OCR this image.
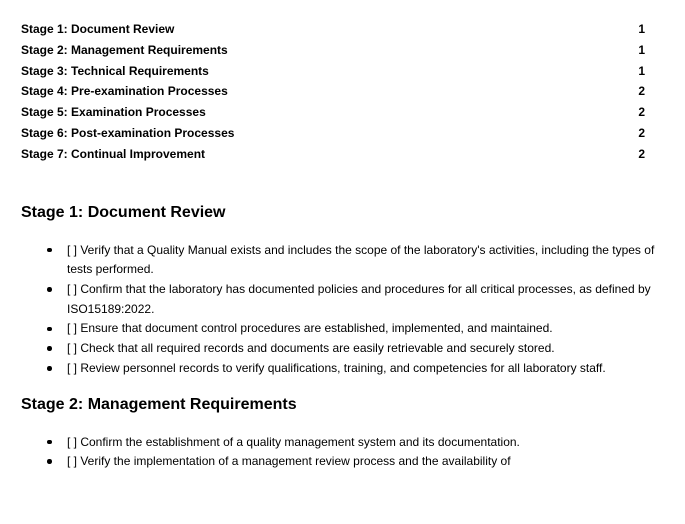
Stage 1: Document Review	1
Stage 2: Management Requirements	1
Stage 3: Technical Requirements	1
Stage 4: Pre-examination Processes	2
Stage 5: Examination Processes	2
Stage 6: Post-examination Processes	2
Stage 7: Continual Improvement	2
Stage 1: Document Review
[ ] Verify that a Quality Manual exists and includes the scope of the laboratory's activities, including the types of tests performed.
[ ] Confirm that the laboratory has documented policies and procedures for all critical processes, as defined by ISO15189:2022.
[ ] Ensure that document control procedures are established, implemented, and maintained.
[ ] Check that all required records and documents are easily retrievable and securely stored.
[ ] Review personnel records to verify qualifications, training, and competencies for all laboratory staff.
Stage 2: Management Requirements
[ ] Confirm the establishment of a quality management system and its documentation.
[ ] Verify the implementation of a management review process and the availability of
